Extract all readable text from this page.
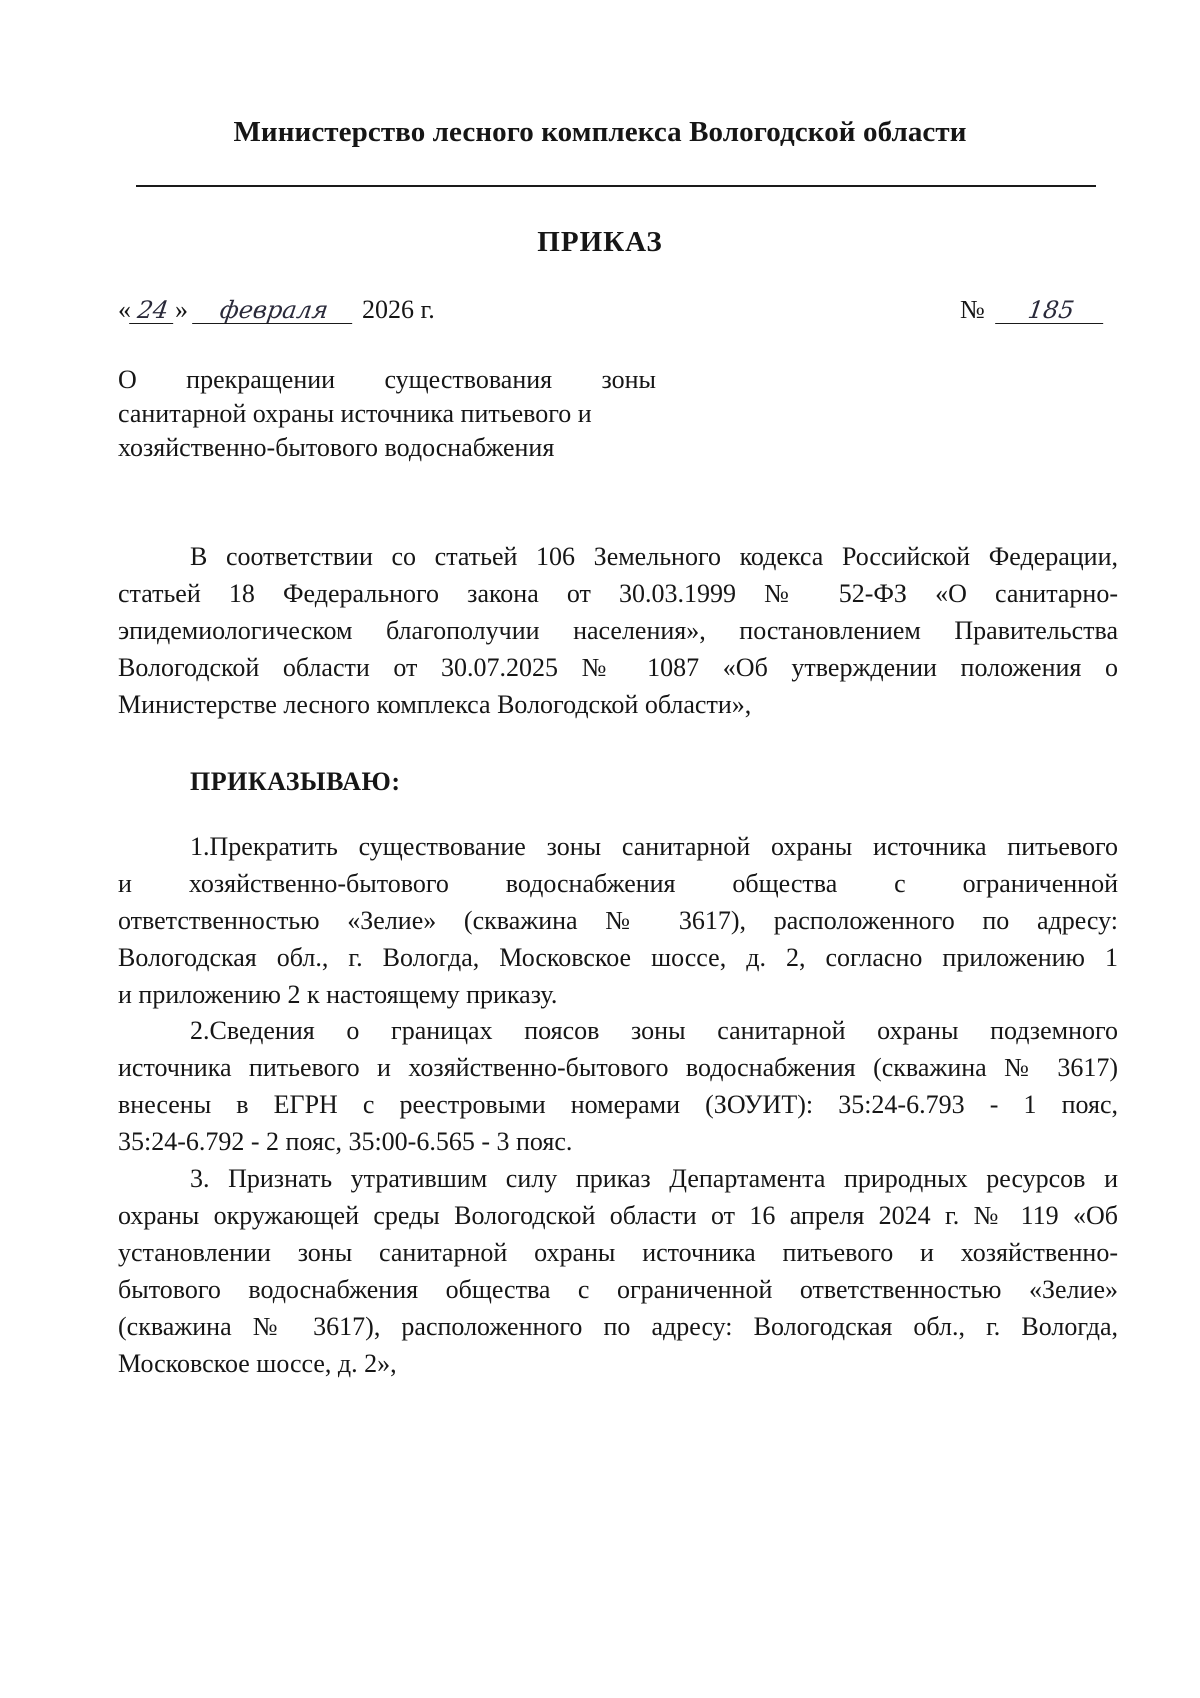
Министерство лесного комплекса Вологодской области
ПРИКАЗ
« 24 » февраля 2026 г.	№ 185
О прекращении существования зоны
санитарной охраны источника питьевого и
хозяйственно-бытового водоснабжения
В соответствии со статьей 106 Земельного кодекса Российской Федерации,
статьей 18 Федерального закона от 30.03.1999 № 52-ФЗ «О санитарно-
эпидемиологическом благополучии населения», постановлением Правительства
Вологодской области от 30.07.2025 № 1087 «Об утверждении положения о
Министерстве лесного комплекса Вологодской области»,
ПРИКАЗЫВАЮ:
1.Прекратить существование зоны санитарной охраны источника питьевого
и хозяйственно-бытового водоснабжения общества с ограниченной
ответственностью «Зелие» (скважина № 3617), расположенного по адресу:
Вологодская обл., г. Вологда, Московское шоссе, д. 2, согласно приложению 1
и приложению 2 к настоящему приказу.
2.Сведения о границах поясов зоны санитарной охраны подземного
источника питьевого и хозяйственно-бытового водоснабжения (скважина № 3617)
внесены в ЕГРН с реестровыми номерами (ЗОУИТ): 35:24-6.793 - 1 пояс,
35:24-6.792 - 2 пояс, 35:00-6.565 - 3 пояс.
3. Признать утратившим силу приказ Департамента природных ресурсов и
охраны окружающей среды Вологодской области от 16 апреля 2024 г. № 119 «Об
установлении зоны санитарной охраны источника питьевого и хозяйственно-
бытового водоснабжения общества с ограниченной ответственностью «Зелие»
(скважина № 3617), расположенного по адресу: Вологодская обл., г. Вологда,
Московское шоссе, д. 2»,
